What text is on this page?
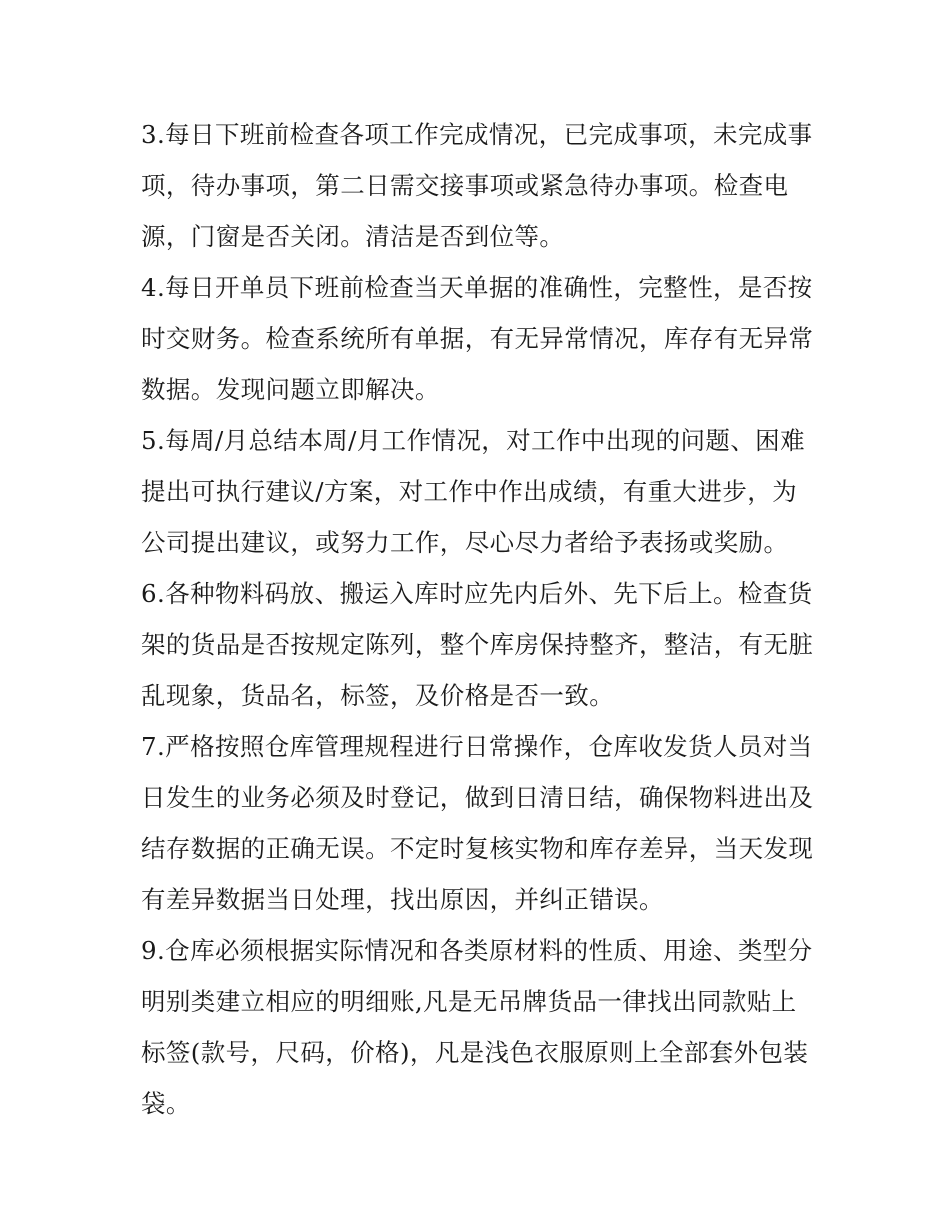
3.每日下班前检查各项工作完成情况，已完成事项，未完成事
项，待办事项，第二日需交接事项或紧急待办事项。检查电
源，门窗是否关闭。清洁是否到位等。

4.每日开单员下班前检查当天单据的准确性，完整性，是否按
时交财务。检查系统所有单据，有无异常情况，库存有无异常
数据。发现问题立即解决。

5.每周/月总结本周/月工作情况，对工作中出现的问题、困难
提出可执行建议/方案，对工作中作出成绩，有重大进步，为
公司提出建议，或努力工作，尽心尽力者给予表扬或奖励。

6.各种物料码放、搬运入库时应先内后外、先下后上。检查货
架的货品是否按规定陈列，整个库房保持整齐，整洁，有无脏
乱现象，货品名，标签，及价格是否一致。

7.严格按照仓库管理规程进行日常操作，仓库收发货人员对当
日发生的业务必须及时登记，做到日清日结，确保物料进出及
结存数据的正确无误。不定时复核实物和库存差异，当天发现
有差异数据当日处理，找出原因，并纠正错误。

9.仓库必须根据实际情况和各类原材料的性质、用途、类型分
明别类建立相应的明细账,凡是无吊牌货品一律找出同款贴上
标签(款号，尺码，价格)，凡是浅色衣服原则上全部套外包装
袋。
